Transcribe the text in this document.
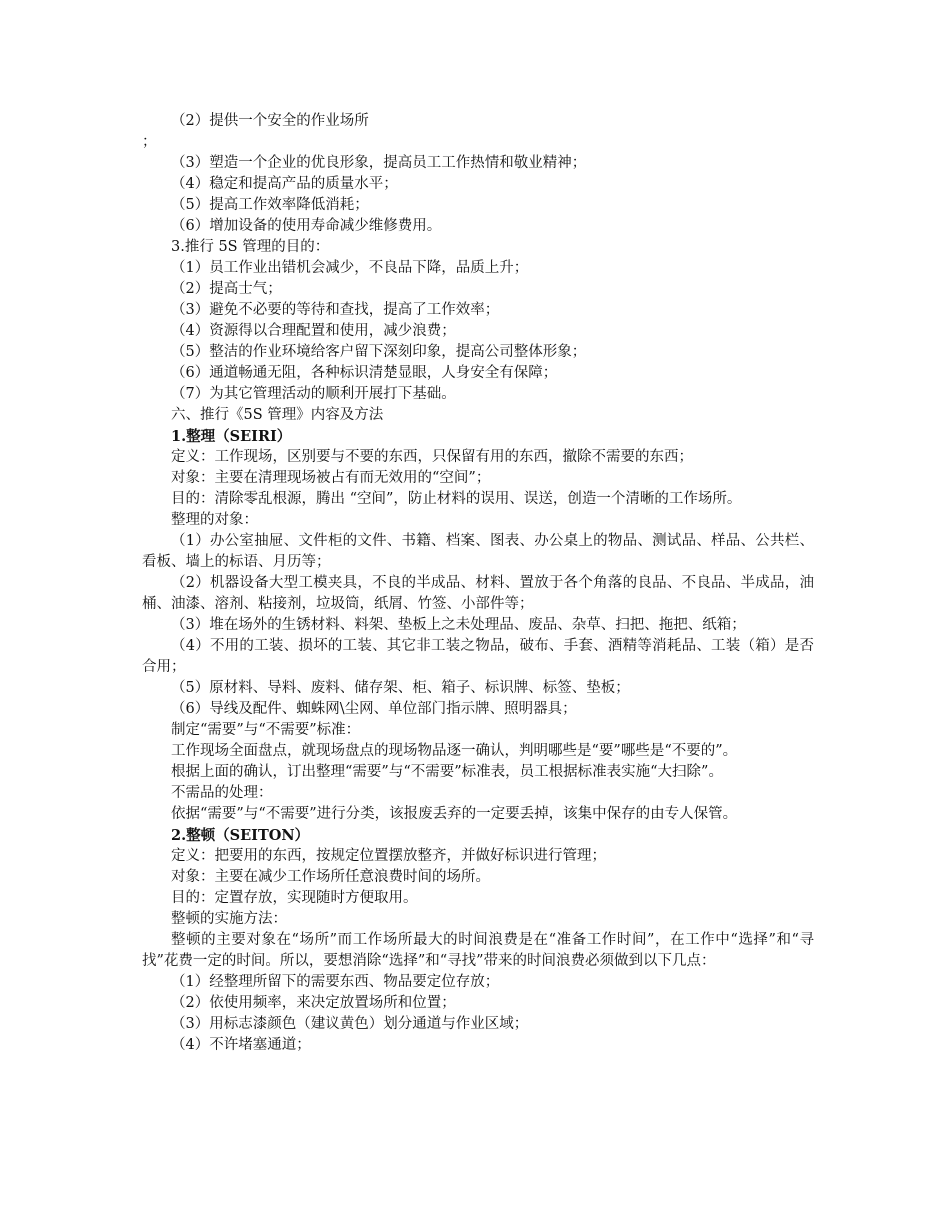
（2）提供一个安全的作业场所
；
（3）塑造一个企业的优良形象，提高员工工作热情和敬业精神；
（4）稳定和提高产品的质量水平；
（5）提高工作效率降低消耗；
（6）增加设备的使用寿命减少维修费用。
3.推行 5S 管理的目的：
（1）员工作业出错机会减少，不良品下降，品质上升；
（2）提高士气；
（3）避免不必要的等待和查找，提高了工作效率；
（4）资源得以合理配置和使用，减少浪费；
（5）整洁的作业环境给客户留下深刻印象，提高公司整体形象；
（6）通道畅通无阻，各种标识清楚显眼，人身安全有保障；
（7）为其它管理活动的顺利开展打下基础。
六、推行《5S 管理》内容及方法
1.整理（SEIRI）
定义：工作现场，区别要与不要的东西，只保留有用的东西，撤除不需要的东西；
对象：主要在清理现场被占有而无效用的“空间”；
目的：清除零乱根源，腾出 “空间”，防止材料的误用、误送，创造一个清晰的工作场所。
整理的对象：

（1）办公室抽屉、文件柜的文件、书籍、档案、图表、办公桌上的物品、测试品、样品、公共栏、看板、墙上的标语、月历等；

（2）机器设备大型工模夹具，不良的半成品、材料、置放于各个角落的良品、不良品、半成品，油桶、油漆、溶剂、粘接剂，垃圾筒，纸屑、竹签、小部件等；

（3）堆在场外的生锈材料、料架、垫板上之未处理品、废品、杂草、扫把、拖把、纸箱；

（4）不用的工装、损坏的工装、其它非工装之物品，破布、手套、酒精等消耗品、工装（箱）是否合用；

（5）原材料、导料、废料、储存架、柜、箱子、标识牌、标签、垫板；
（6）导线及配件、蜘蛛网\尘网、单位部门指示牌、照明器具；
制定“需要”与“不需要”标准：
工作现场全面盘点，就现场盘点的现场物品逐一确认，判明哪些是“要”哪些是“不要的”。
根据上面的确认，订出整理“需要”与“不需要”标准表，员工根据标准表实施“大扫除”。
不需品的处理：

依据“需要”与“不需要”进行分类，该报废丢弃的一定要丢掉，该集中保存的由专人保管。

2.整顿（SEITON）
定义：把要用的东西，按规定位置摆放整齐，并做好标识进行管理；
对象：主要在减少工作场所任意浪费时间的场所。
目的：定置存放，实现随时方便取用。
整顿的实施方法：

整顿的主要对象在“场所”而工作场所最大的时间浪费是在“准备工作时间”，在工作中“选择”和“寻找”花费一定的时间。所以，要想消除“选择”和“寻找”带来的时间浪费必须做到以下几点：

（1）经整理所留下的需要东西、物品要定位存放；
（2）依使用频率，来决定放置场所和位置；
（3）用标志漆颜色（建议黄色）划分通道与作业区域；
（4）不许堵塞通道；
